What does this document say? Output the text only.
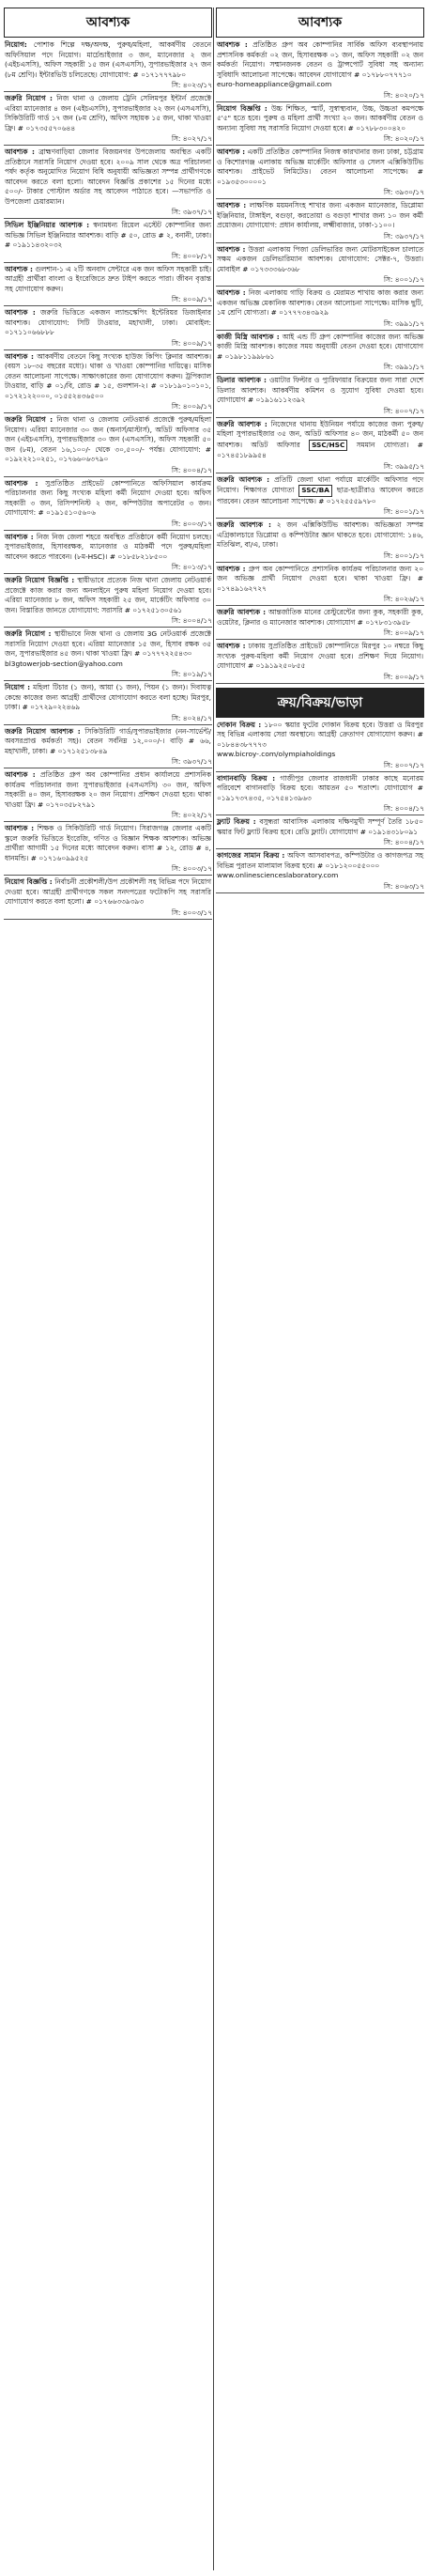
আবশ্যক
নিয়োগ: পোশাক শিল্পে দক্ষ/অদক্ষ, পুরুষ/মহিলা, আকর্ষণীয় বেতনে অফিসিয়াল পদে নিয়োগ। মার্চেন্ডাইজার ৩ জন, ম্যানেজার ২ জন (এইচএসসি), অফিস সহকারী ১৫ জন (এসএসসি), সুপারভাইজার ২৭ জন (৮ম শ্রেণি)। ইন্টারভিউ চলিতেছে। যোগাযোগ: # ০১৭১৭৭৭৯৮০
সি: ৪০২৩/১৭
জরুরি নিয়োগ : নিজ থানা ও জেলায় ট্রেনি সেলিমপুর ইন্টার্ন প্রজেক্টে এরিয়া ম্যানেজার ৪ জন (এইচএসসি), সুপারভাইজার ২২ জন (এসএসসি), সিকিউরিটি গার্ড ১৭ জন (৮ম শ্রেণি), অফিস সহায়ক ১৫ জন, থাকা খাওয়া ফ্রি। # ০১৭৩৫৫৭০৬৪৪
সি: ৪০২৭/১৭
আবশ্যক : ব্রাহ্মণবাড়িয়া জেলার বিজয়নগর উপজেলায় অবস্থিত একটি প্রতিষ্ঠানে সরাসরি নিয়োগ দেওয়া হবে। ২০০৯ সাল থেকে অত্র পরিচালনা পর্ষদ কর্তৃক অনুমোদিত নিয়োগ বিধি অনুযায়ী অভিজ্ঞতা সম্পন্ন প্রার্থীগণকে আবেদন করতে বলা হলো। আবেদন বিজ্ঞপ্তি প্রকাশের ১৫ দিনের মধ্যে ৫০০/- টাকার পোস্টাল অর্ডার সহ আবেদন পাঠাতে হবে। —সভাপতি ও উপজেলা চেয়ারম্যান।
সি: ৩৯৩৭/১৭
সিভিল ইঞ্জিনিয়ার আবশ্যক : স্বনামধন্য রিয়েল এস্টেট কোম্পানির জন্য অভিজ্ঞ সিভিল ইঞ্জিনিয়ার আবশ্যক। বাড়ি # ৫০, রোড # ২, বনানী, ঢাকা। # ০১৯১১৪৩২০৩২
সি: ৪০০৮/১৭
আবশ্যক : গুলশান-১ এ ২টি অনবাদ সেন্টারে এক জন অফিস সহকারী চাই। আগ্রহী প্রার্থীরা বাংলা ও ইংরেজিতে দ্রুত টাইপ করতে পারা। জীবন বৃত্তান্ত সহ যোগাযোগ করুন।
সি: ৪০০৯/১৭
আবশ্যক : জরুরি ভিত্তিতে একজন ল্যান্ডস্কেপিং ইন্টেরিয়র ডিজাইনার আবশ্যক। যোগাযোগ: সিটি টাওয়ার, মহাখালী, ঢাকা। মোবাইল: ০১৭১১০৬৬৮৮৮
সি: ৪০০৯/১৭
আবশ্যক : আকর্ষণীয় বেতনে কিছু সংখ্যক হাউজ কিপিং ক্লিনার আবশ্যক। (বয়স ১৮-৩৫ বছরের মধ্যে)। থাকা ও খাওয়া কোম্পানির দায়িত্বে। মাসিক বেতন আলোচনা সাপেক্ষে। সাক্ষাৎকারের জন্য যোগাযোগ করুন। ট্রপিক্যাল টাওয়ার, বাড়ি # ০১/বি, রোড # ১৫, গুলশান-২। # ০১৮১৯০১০১০১, ০১৭২১২২০০০, ০১৫৫২৪৩৬৫০০
সি: ৪০০৯/১৭
জরুরি নিয়োগ : নিজ থানা ও জেলায় নেটওয়ার্ক প্রজেক্টে পুরুষ/মহিলা নিয়োগ। এরিয়া ম্যানেজার ৩০ জন (অনার্স/মাস্টার্স), অডিট অফিসার ৩৫ জন (এইচএসসি), সুপারভাইজার ৩০ জন (এসএসসি), অফিস সহকারী ৫০ জন (৮ম), বেতন ১৬,১০০/- থেকে ৩০,৫০০/- পর্যন্ত। যোগাযোগ: # ০১৯২২২১০২৫১, ০১৭৬৬০৬৩৭৯০
সি: ৪০০৪/১৭
আবশ্যক : সুপ্রতিষ্ঠিত প্রাইভেট কোম্পানিতে অফিসিয়াল কার্যক্রম পরিচালনার জন্য কিছু সংখ্যক মহিলা কর্মী নিয়োগ দেওয়া হবে। অফিস সহকারী ৩ জন, রিসিপশনিস্ট ২ জন, কম্পিউটার অপারেটর ৩ জন। যোগাযোগ: # ০১৯১৫১০৫৬০৬
সি: ৪০০৩/১৭
আবশ্যক : নিজ নিজ জেলা শহরে অবস্থিত প্রতিষ্ঠানে কর্মী নিয়োগ চলছে। সুপারভাইজার, হিসাবরক্ষক, ম্যানেজার ও মাঠকর্মী পদে পুরুষ/মহিলা আবেদন করতে পারবেন। (৮ম-HSC)। # ০১৮৫৮২১৮৫০০
সি: ৪০১৩/১৭
জরুরি নিয়োগ বিজ্ঞপ্তি : স্থায়ীভাবে প্রত্যেক নিজ থানা জেলায় নেটওয়ার্ক প্রজেক্টে কাজ করার জন্য অনলাইনে পুরুষ মহিলা নিয়োগ দেওয়া হবে। এরিয়া ম্যানেজার ৮ জন, অফিস সহকারী ২৫ জন, মার্কেটিং অফিসার ৩০ জন। বিস্তারিত জানতে যোগাযোগ: সরাসরি # ০১৭২৫১৩০৫৬১
সি: ৪০০৪/১৭
জরুরি নিয়োগ : স্থায়ীভাবে নিজ থানা ও জেলায় 3G নেটওয়ার্ক প্রজেক্টে সরাসরি নিয়োগ দেওয়া হবে। এরিয়া ম্যানেজার ১৫ জন, হিসাব রক্ষক ৩৫ জন, সুপারভাইজার ৪৫ জন। থাকা খাওয়া ফ্রি। # ০১৭৭৭২২৫৪৩০
bl3gtowerjob-section@yahoo.com
সি: ৪০১৯/১৭
নিয়োগ : মহিলা টিচার (১ জন), আয়া (১ জন), পিয়ন (১ জন)। দিবাযত্ন কেন্দ্রে কাজের জন্য আগ্রহী প্রার্থীদের যোগাযোগ করতে বলা হচ্ছে। মিরপুর, ঢাকা। # ০১৭২৯০২২৪৬৯
সি: ৪০২৪/১৭
জরুরি নিয়োগ আবশ্যক : সিকিউরিটি গার্ড/সুপারভাইজার (নন-সার্ভেন্ট/অবসরপ্রাপ্ত কর্মকর্তা সহ)। বেতন সর্বনিম্ন ১২,০০০/-। বাড়ি # ৬৬, মহাখালী, ঢাকা। # ০১৭১২৫১৩৮৪৯
সি: ৩৯৩৭/১৭
আবশ্যক : প্রতিষ্ঠিত গ্রুপ অব কোম্পানির প্রধান কার্যালয়ে প্রশাসনিক কার্যক্রম পরিচালনার জন্য সুপারভাইজার (এসএসসি) ৩০ জন, অফিস সহকারী ৪০ জন, হিসাবরক্ষক ২০ জন নিয়োগ। প্রশিক্ষণ দেওয়া হবে। থাকা খাওয়া ফ্রি। # ০১৭০৩৫৮২৭৯১
সি: ৪০২২/১৭
আবশ্যক : শিক্ষক ও সিকিউরিটি গার্ড নিয়োগ। সিরাজগঞ্জ জেলার একটি স্কুলে জরুরি ভিত্তিতে ইংরেজি, গণিত ও বিজ্ঞান শিক্ষক আবশ্যক। অভিজ্ঞ প্রার্থীরা আগামী ১৫ দিনের মধ্যে আবেদন করুন। বাসা # ১২, রোড # ৪, ধানমন্ডি। # ০১৭১৬০৯৯৫২৫
সি: ৪০০৩/১৭
নিয়োগ বিজ্ঞপ্তি : নির্বাচনী প্রকৌশলী/উপ প্রকৌশলী সহ বিভিন্ন পদে নিয়োগ দেওয়া হবে। আগ্রহী প্রার্থীগণকে সকল সনদপত্রের ফটোকপি সহ সরাসরি যোগাযোগ করতে বলা হলো। # ০১৭৬৬৩৩৯৩৯৩
সি: ৪০০৩/১৭
আবশ্যক
আবশ্যক : প্রতিষ্ঠিত গ্রুপ অব কোম্পানির সার্বিক অফিস ব্যবস্থাপনায় প্রশাসনিক কর্মকর্তা ০২ জন, হিসাবরক্ষক ০১ জন, অফিস সহকারী ০২ জন কর্মকর্তা নিয়োগ। সম্মানজনক বেতন ও ট্রান্সপোর্ট সুবিধা সহ অন্যান্য সুবিধাদি আলোচনা সাপেক্ষে। আবেদন যোগাযোগ # ০১৭৮৮০৭৭৭১০
euro-homeappliance@gmail.com
সি: ৪০২০/১৭
নিয়োগ বিজ্ঞপ্তি : উচ্চ শিক্ষিত, স্মার্ট, সুস্বাস্থ্যবান, উচ্চ, উচ্চতা কমপক্ষে ৫'৫" হতে হবে। পুরুষ ও মহিলা প্রার্থী সংখ্যা ২০ জন। আকর্ষণীয় বেতন ও অন্যান্য সুবিধা সহ সরাসরি নিয়োগ দেওয়া হবে। # ০১৭৮৮৩০০৪২০
সি: ৪০২০/১৭
আবশ্যক : একটি প্রতিষ্ঠিত কোম্পানির নিজস্ব কারখানার জন্য ঢাকা, চট্টগ্রাম ও কিশোরগঞ্জ এলাকায় অভিজ্ঞ মার্কেটিং অফিসার ও সেলস এক্সিকিউটিভ আবশ্যক। প্রাইভেট লিমিটেড। বেতন আলোচনা সাপেক্ষে। # ০১৯৩৫৩০০০০১
সি: ৩৯৩০/১৭
আবশ্যক : লাক্ষণিক ময়মনসিংহ শাখার জন্য একজন ম্যানেজার, ডিপ্লোমা ইঞ্জিনিয়ার, টাঙ্গাইল, বগুড়া, করতোয়া ও বগুড়া শাখার জন্য ১০ জন কর্মী প্রয়োজন। যোগাযোগ: প্রধান কার্যালয়, লক্ষ্মীবাজার, ঢাকা-১১০০।
সি: ৩৯৩৭/১৭
আবশ্যক : উত্তরা এলাকায় পিজা ডেলিভারির জন্য মোটরসাইকেল চালাতে সক্ষম একজন ডেলিভারিম্যান আবশ্যক। যোগাযোগ: সেক্টর-৭, উত্তরা। মোবাইল # ০১৭৩৩৩৬৮৩৬৮
সি: ৪০০১/১৭
আবশ্যক : নিজ এলাকায় গাড়ি বিক্রয় ও মেরামত শাখায় কাজ করার জন্য একজন অভিজ্ঞ মেকানিক আবশ্যক। বেতন আলোচনা সাপেক্ষে। মাসিক ছুটি, ১ম শ্রেণি যোগ্যতা। # ০১৭৭৭৩৪৩৯২৯
সি: ৩৯৯১/১৭
কাজী মিস্ত্রি আবশ্যক : আই এন্ড টি গ্রুপ কোম্পানির কাজের জন্য অভিজ্ঞ কাজী মিস্ত্রি আবশ্যক। কাজের সময় অনুযায়ী বেতন দেওয়া হবে। যোগাযোগ # ০১৯৮১১৯৯৮৬১
সি: ৩৯৯১/১৭
ডিলার আবশ্যক : ওয়াটার ফিল্টার ও প্যুরিফায়ার বিক্রয়ের জন্য সারা দেশে ডিলার আবশ্যক। আকর্ষণীয় কমিশন ও সুযোগ সুবিধা দেওয়া হবে। যোগাযোগ # ০১৯১৬১১২৩৯২
সি: ৪০০৭/১৭
জরুরি আবশ্যক : নিজেদের থানায় ইউনিয়ন পর্যায়ে কাজের জন্য পুরুষ/মহিলা সুপারভাইজার ৩৫ জন, অডিট অফিসার ৪০ জন, মাঠকর্মী ৫০ জন আবশ্যক। অডিট অফিসার SSC/HSC সমমান যোগ্যতা। # ০১৭৪৫১৮৯৯৫৪
সি: ৩৯৯৫/১৭
জরুরি আবশ্যক : প্রতিটি জেলা থানা পর্যায়ে মার্কেটিং অফিসার পদে নিয়োগ। শিক্ষাগত যোগ্যতা SSC/BA ছাত্র-ছাত্রীরাও আবেদন করতে পারবেন। বেতন আলোচনা সাপেক্ষে। # ০১৭২৫৫৫৯৭৮০
সি: ৪০০১/১৭
জরুরি আবশ্যক : ২ জন এক্সিকিউটিভ আবশ্যক। অভিজ্ঞতা সম্পন্ন এগ্রিকালচারে ডিপ্লোমা ও কম্পিউটার জ্ঞান থাকতে হবে। যোগাযোগ: ১৪৬, মতিঝিল, বা/এ, ঢাকা।
সি: ৪০০১/১৭
আবশ্যক : গ্রুপ অব কোম্পানিতে প্রশাসনিক কার্যক্রম পরিচালনার জন্য ২০ জন অভিজ্ঞ প্রার্থী নিয়োগ দেওয়া হবে। থাকা খাওয়া ফ্রি। # ০১৭৪৯১৬২৭২৭
সি: ৪০২৬/১৭
জরুরি আবশ্যক : আন্তর্জাতিক মানের রেস্টুরেন্টের জন্য কুক, সহকারী কুক, ওয়েটার, ক্লিনার ও ম্যানেজার আবশ্যক। যোগাযোগ # ০১৭৮৩১৩৯৫৮
সি: ৪০০৯/১৭
আবশ্যক : ঢাকায় সুপ্রতিষ্ঠিত প্রাইভেট কোম্পানিতে মিরপুর ১০ নম্বরে কিছু সংখ্যক পুরুষ-মহিলা কর্মী নিয়োগ দেওয়া হবে। প্রশিক্ষণ দিয়ে নিয়োগ। যোগাযোগ # ০১৯১৯২৫০৮৫৫
সি: ৪০০৯/১৭
ক্রয়/বিক্রয়/ভাড়া
দোকান বিক্রয় : ১৮০০ স্কয়ার ফুটের দোকান বিক্রয় হবে। উত্তরা ও মিরপুর সহ বিভিন্ন এলাকায় সেরা অবস্থানে। আগ্রহী ক্রেতাগণ যোগাযোগ করুন। # ০১৮৪৪৩৮৭৭৭৩
www.bicroy-.com/olympiaholdings
সি: ৪০০৭/১৭
বাগানবাড়ি বিক্রয় : গাজীপুর জেলার রাজধানী ঢাকার কাছে মনোরম পরিবেশে বাগানবাড়ি বিক্রয় হবে। আয়তন ৫০ শতাংশ। যোগাযোগ # ০১৯১৭৩৭৪৩৫, ০১৭৫৪১৩৯৬৩
সি: ৪০০৪/১৭
ফ্ল্যাট বিক্রয় : বসুন্ধরা আবাসিক এলাকায় দক্ষিণমুখী সম্পূর্ণ তৈরি ১৮৫০ স্কয়ার ফিট ফ্ল্যাট বিক্রয় হবে। রেডি ফ্ল্যাট। যোগাযোগ # ০১৯১৪৩১৮০৯১
সি: ৪০০৪/১৭
কাগজের সামান বিক্রয় : অফিস আসবাবপত্র, কম্পিউটার ও কাগজপত্র সহ বিভিন্ন পুরাতন মালামাল বিক্রয় হবে। # ০১৮১২০০৫৫০০০
www.onlinescienceslaboratory.com
সি: ৪০৬৩/১৭
